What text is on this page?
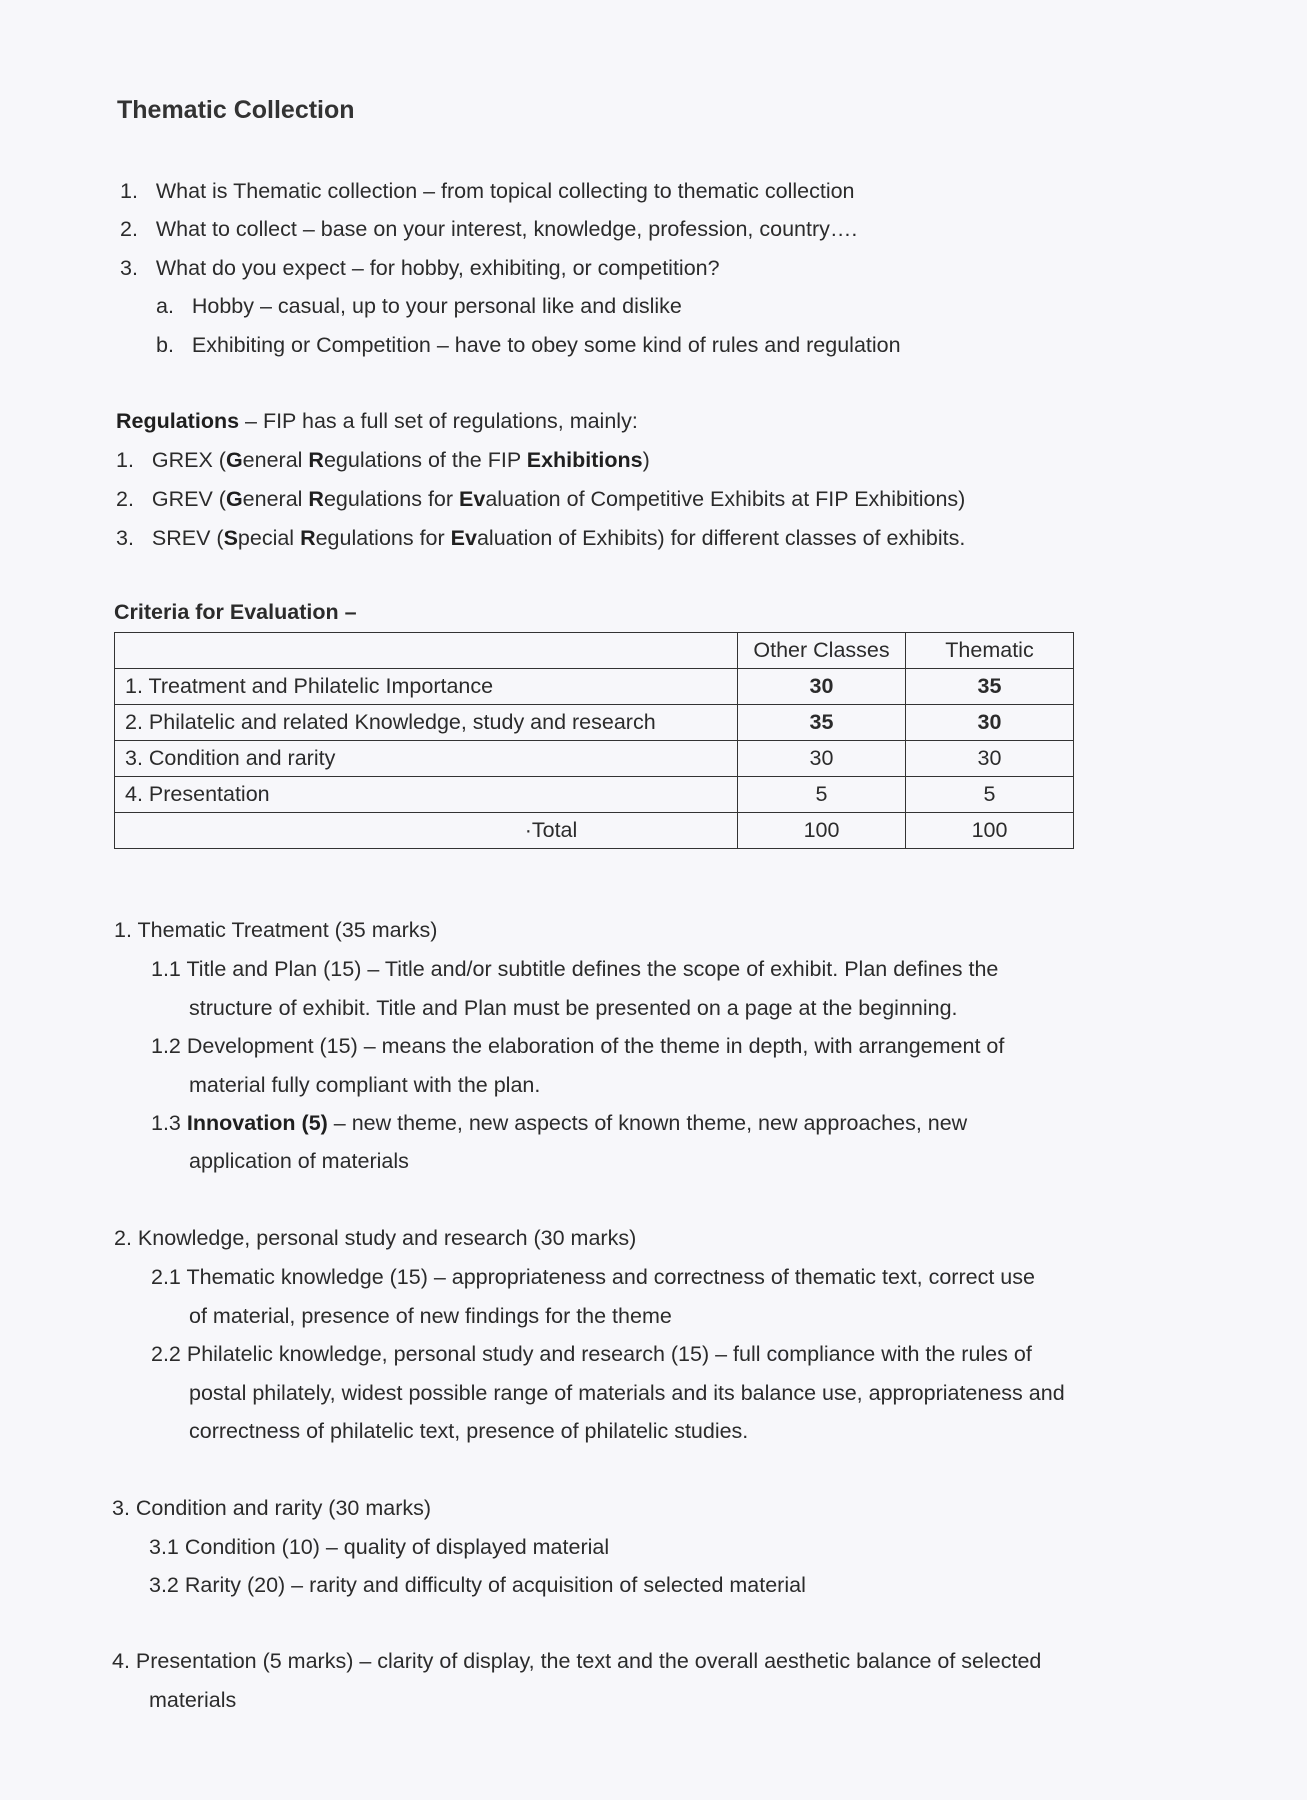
Thematic Collection
1. What is Thematic collection – from topical collecting to thematic collection
2. What to collect – base on your interest, knowledge, profession, country….
3. What do you expect – for hobby, exhibiting, or competition?
a. Hobby – casual, up to your personal like and dislike
b. Exhibiting or Competition – have to obey some kind of rules and regulation
Regulations – FIP has a full set of regulations, mainly:
1. GREX (General Regulations of the FIP Exhibitions)
2. GREV (General Regulations for Evaluation of Competitive Exhibits at FIP Exhibitions)
3. SREV (Special Regulations for Evaluation of Exhibits) for different classes of exhibits.
Criteria for Evaluation –
	Other Classes	Thematic
1. Treatment and Philatelic Importance	30	35
2. Philatelic and related Knowledge, study and research	35	30
3. Condition and rarity	30	30
4. Presentation	5	5
·Total	100	100
1. Thematic Treatment (35 marks)
1.1 Title and Plan (15) – Title and/or subtitle defines the scope of exhibit. Plan defines the
structure of exhibit. Title and Plan must be presented on a page at the beginning.
1.2 Development (15) – means the elaboration of the theme in depth, with arrangement of
material fully compliant with the plan.
1.3 Innovation (5) – new theme, new aspects of known theme, new approaches, new
application of materials
2. Knowledge, personal study and research (30 marks)
2.1 Thematic knowledge (15) – appropriateness and correctness of thematic text, correct use
of material, presence of new findings for the theme
2.2 Philatelic knowledge, personal study and research (15) – full compliance with the rules of
postal philately, widest possible range of materials and its balance use, appropriateness and
correctness of philatelic text, presence of philatelic studies.
3. Condition and rarity (30 marks)
3.1 Condition (10) – quality of displayed material
3.2 Rarity (20) – rarity and difficulty of acquisition of selected material
4. Presentation (5 marks) – clarity of display, the text and the overall aesthetic balance of selected
materials
